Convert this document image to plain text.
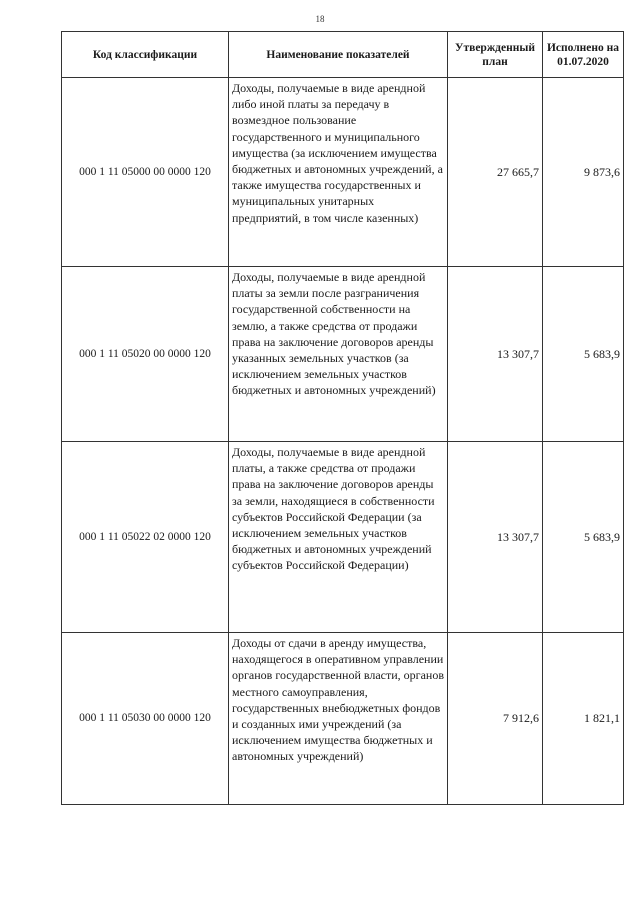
18
Код классификации	Наименование показателей	Утвержденный план	Исполнено на 01.07.2020
000 1 11 05000 00 0000 120	Доходы, получаемые в виде арендной либо иной платы за передачу в возмездное пользование государственного и муниципального имущества (за исключением имущества бюджетных и автономных учреждений, а также имущества государственных и муниципальных унитарных предприятий, в том числе казенных)	27 665,7	9 873,6
000 1 11 05020 00 0000 120	Доходы, получаемые в виде арендной платы за земли после разграничения государственной собственности на землю, а также средства от продажи права на заключение договоров аренды указанных земельных участков (за исключением земельных участков бюджетных и автономных учреждений)	13 307,7	5 683,9
000 1 11 05022 02 0000 120	Доходы, получаемые в виде арендной платы, а также средства от продажи права на заключение договоров аренды за земли, находящиеся в собственности субъектов Российской Федерации (за исключением земельных участков бюджетных и автономных учреждений субъектов Российской Федерации)	13 307,7	5 683,9
000 1 11 05030 00 0000 120	Доходы от сдачи в аренду имущества, находящегося в оперативном управлении органов государственной власти, органов местного самоуправления, государственных внебюджетных фондов и созданных ими учреждений (за исключением имущества бюджетных и автономных учреждений)	7 912,6	1 821,1
